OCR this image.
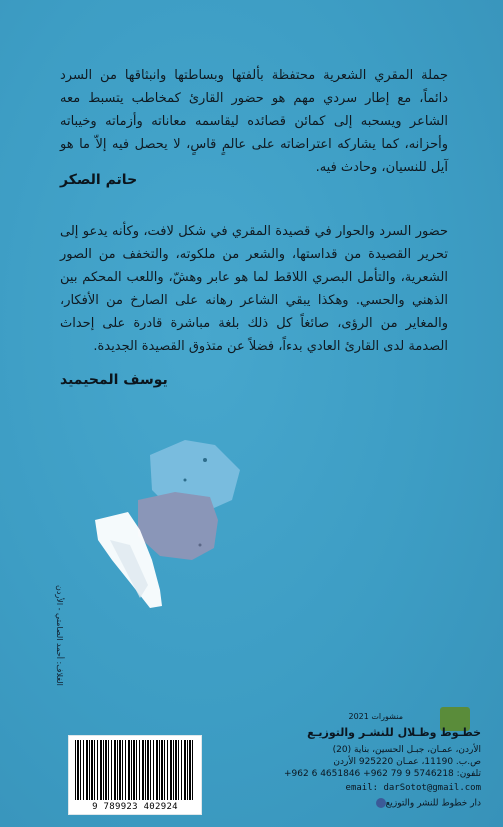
جملة المقري الشعرية محتفظة بألفتها وبساطتها وانبثاقها من السرد دائماً، مع إطار سردي مهم هو حضور القارئ كمخاطب يتسبط معه الشاعر ويسحبه إلى كمائن قصائده ليقاسمه معاناته وأزماته وخيباته وأحزانه، كما يشاركه اعتراضاته على عالمٍ قاسٍ، لا يحصل فيه إلاّ ما هو آيل للنسيان، وحادث فيه.
حاتم الصكر
حضور السرد والحوار في قصيدة المقري في شكل لافت، وكأنه يدعو إلى تحرير القصيدة من قداستها، والشعر من ملكوته، والتخفف من الصور الشعرية، والتأمل البصري اللاقط لما هو عابر وهشّ، واللعب المحكم بين الذهني والحسي. وهكذا يبقي الشاعر رهانه على الصارخ من الأفكار، والمغاير من الرؤى، صائغاً كل ذلك بلغة مباشرة قادرة على إحداث الصدمة لدى القارئ العادي بدءاً، فضلاً عن متذوق القصيدة الجديدة.
يوسف المحيميد
الغلاف: أحمد الصامتي - الأردن
منشورات 2021
خطـوط وظـلال للنشـر والتوزيـع
الأردن، عمـان، جبـل الحسين، بناية (20)
ص.ب. 11190، عمـان 925220 الأردن
تلفون: 5746218 9 79 962+ 4651846 6 962+
email: darSotot@gmail.com
دار خطوط للنشر والتوزيع
9 789923 402924
